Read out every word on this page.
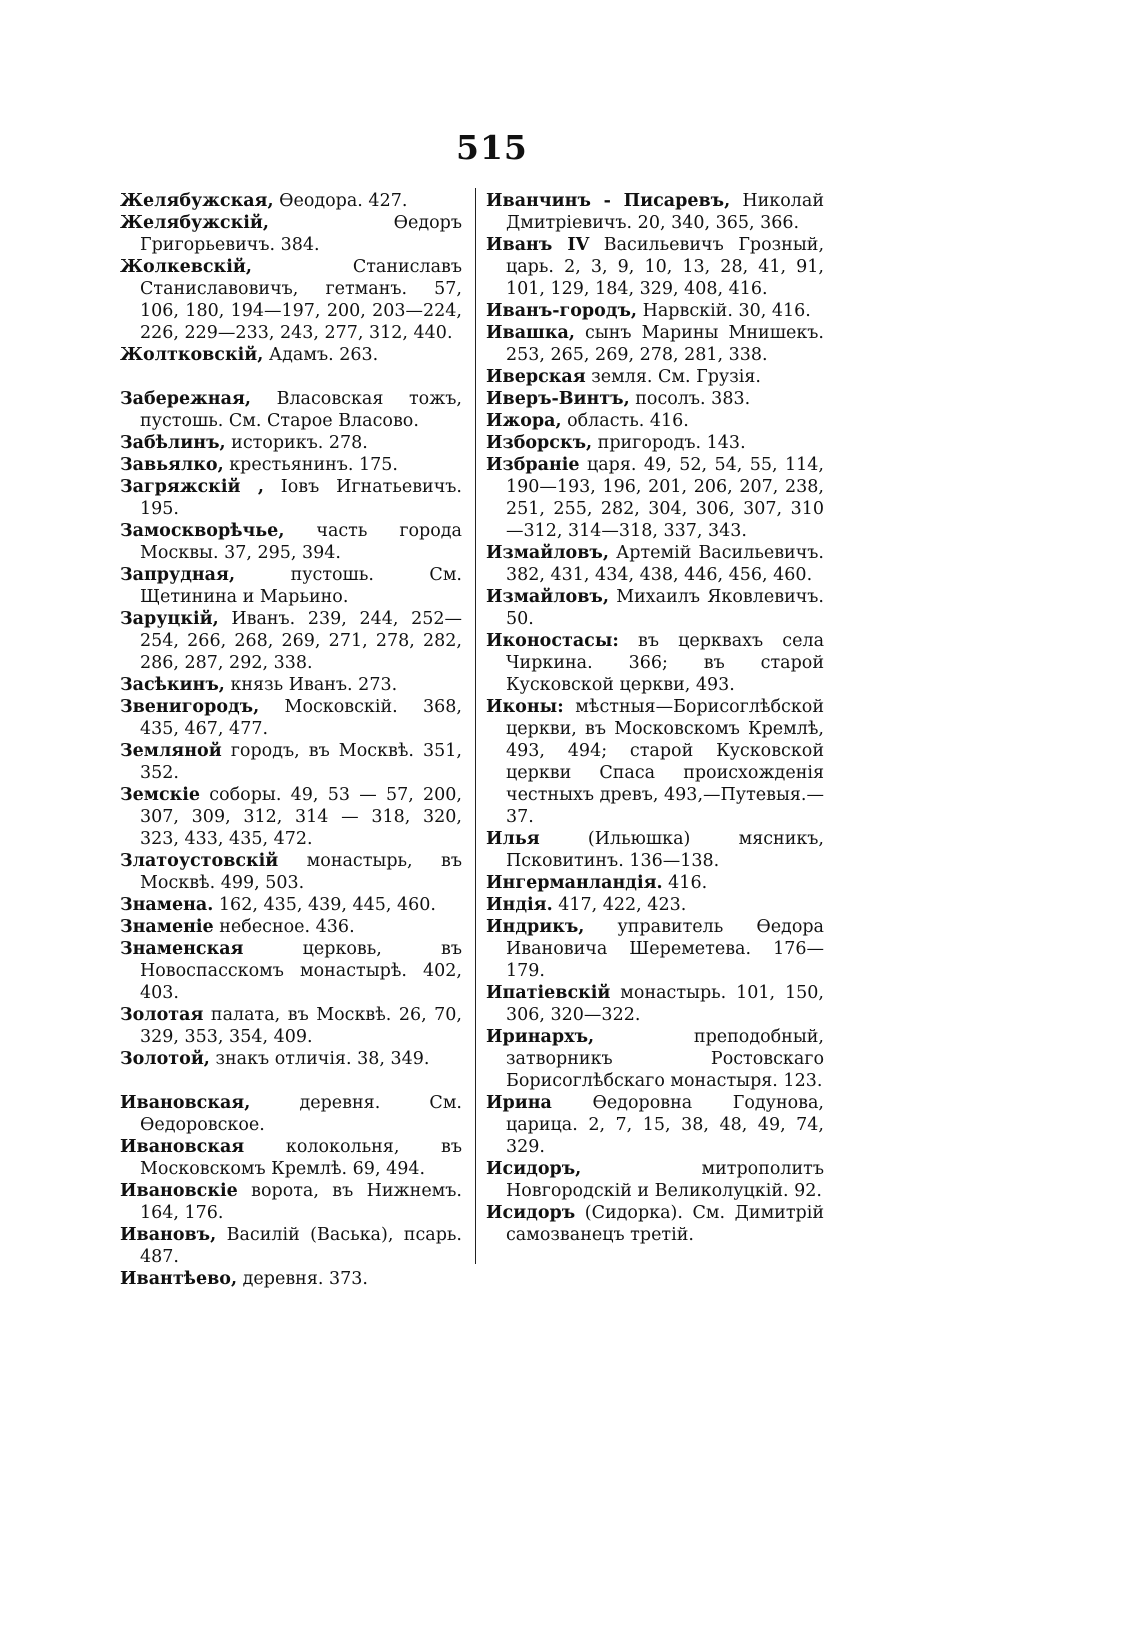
515
Желябужская, Ѳеодора. 427.
Желябужскій, Ѳедоръ Григорьевичъ. 384.
Жолкевскій, Станиславъ Станиславовичъ, гетманъ. 57, 106, 180, 194—197, 200, 203—224, 226, 229—233, 243, 277, 312, 440.
Жолтковскій, Адамъ. 263.
Забережная, Власовская тожъ, пустошь. См. Старое Власово.
Забѣлинъ, историкъ. 278.
Завьялко, крестьянинъ. 175.
Загряжскій , Іовъ Игнатьевичъ. 195.
Замоскворѣчье, часть города Москвы. 37, 295, 394.
Запрудная, пустошь. См. Щетинина и Марьино.
Заруцкій, Иванъ. 239, 244, 252—254, 266, 268, 269, 271, 278, 282, 286, 287, 292, 338.
Засѣкинъ, князь Иванъ. 273.
Звенигородъ, Московскій. 368, 435, 467, 477.
Земляной городъ, въ Москвѣ. 351, 352.
Земскіе соборы. 49, 53 — 57, 200, 307, 309, 312, 314 — 318, 320, 323, 433, 435, 472.
Златоустовскій монастырь, въ Москвѣ. 499, 503.
Знамена. 162, 435, 439, 445, 460.
Знаменіе небесное. 436.
Знаменская церковь, въ Новоспасскомъ монастырѣ. 402, 403.
Золотая палата, въ Москвѣ. 26, 70, 329, 353, 354, 409.
Золотой, знакъ отличія. 38, 349.
Ивановская, деревня. См. Ѳедоровское.
Ивановская колокольня, въ Московскомъ Кремлѣ. 69, 494.
Ивановскіе ворота, въ Нижнемъ. 164, 176.
Ивановъ, Василій (Васька), псарь. 487.
Ивантѣево, деревня. 373.
Иванчинъ - Писаревъ, Николай Дмитріевичъ. 20, 340, 365, 366.
Иванъ IV Васильевичъ Грозный, царь. 2, 3, 9, 10, 13, 28, 41, 91, 101, 129, 184, 329, 408, 416.
Иванъ-городъ, Нарвскій. 30, 416.
Ивашка, сынъ Марины Мнишекъ. 253, 265, 269, 278, 281, 338.
Иверская земля. См. Грузія.
Иверъ-Винтъ, посолъ. 383.
Ижора, область. 416.
Изборскъ, пригородъ. 143.
Избраніе царя. 49, 52, 54, 55, 114, 190—193, 196, 201, 206, 207, 238, 251, 255, 282, 304, 306, 307, 310—312, 314—318, 337, 343.
Измайловъ, Артемій Васильевичъ. 382, 431, 434, 438, 446, 456, 460.
Измайловъ, Михаилъ Яковлевичъ. 50.
Иконостасы: въ церквахъ села Чиркина. 366; въ старой Кусковской церкви, 493.
Иконы: мѣстныя—Борисоглѣбской церкви, въ Московскомъ Кремлѣ, 493, 494; старой Кусковской церкви Спаса происхожденія честныхъ древъ, 493,—Путевыя.—37.
Илья (Ильюшка) мясникъ, Псковитинъ. 136—138.
Ингерманландія. 416.
Индія. 417, 422, 423.
Индрикъ, управитель Ѳедора Ивановича Шереметева. 176—179.
Ипатіевскій монастырь. 101, 150, 306, 320—322.
Иринархъ, преподобный, затворникъ Ростовскаго Борисоглѣбскаго монастыря. 123.
Ирина Ѳедоровна Годунова, царица. 2, 7, 15, 38, 48, 49, 74, 329.
Исидоръ, митрополитъ Новгородскій и Великолуцкій. 92.
Исидоръ (Сидорка). См. Димитрій самозванецъ третій.
